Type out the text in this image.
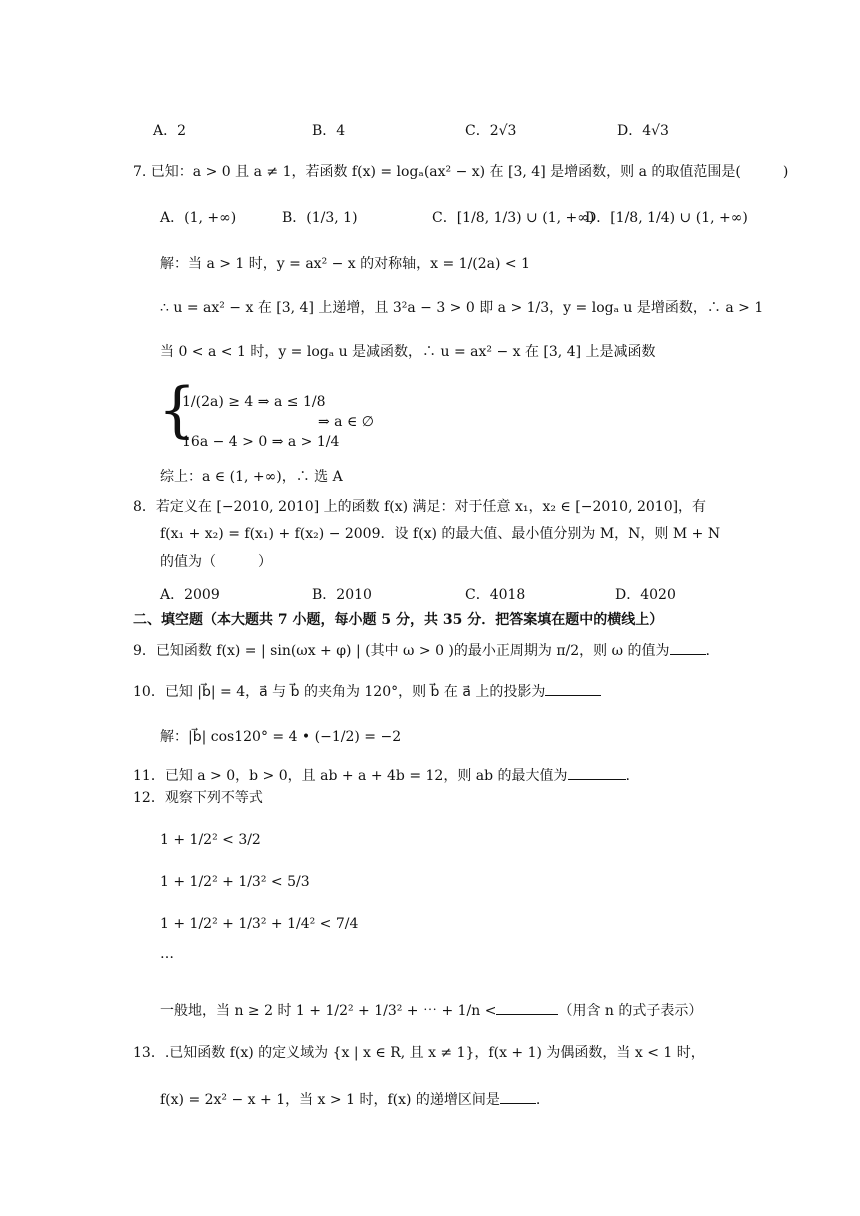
A．2	B．4	C．2√3	D．4√3
7. 已知：a > 0 且 a ≠ 1，若函数 f(x) = logₐ(ax² − x) 在 [3, 4] 是增函数，则 a 的取值范围是(　　　)
A．(1, +∞)	B．(1/3, 1)	C．[1/8, 1/3) ∪ (1, +∞)
D．[1/8, 1/4) ∪ (1, +∞)
解：当 a > 1 时，y = ax² − x 的对称轴，x = 1/(2a) < 1
∴ u = ax² − x 在 [3, 4] 上递增，且 3²a − 3 > 0 即 a > 1/3，y = logₐ u 是增函数，∴ a > 1
当 0 < a < 1 时，y = logₐ u 是减函数，∴ u = ax² − x 在 [3, 4] 上是减函数
{
1/(2a) ≥ 4 ⇒ a ≤ 1/8
16a − 4 > 0 ⇒ a > 1/4
⇒ a ∈ ∅
综上：a ∈ (1, +∞)，∴ 选 A
8．若定义在 [−2010, 2010] 上的函数 f(x) 满足：对于任意 x₁，x₂ ∈ [−2010, 2010]，有
f(x₁ + x₂) = f(x₁) + f(x₂) − 2009．设 f(x) 的最大值、最小值分别为 M，N，则 M + N
的值为（　　　）
A．2009	B．2010	C．4018	D．4020
二、填空题（本大题共 7 小题，每小题 5 分，共 35 分．把答案填在题中的横线上）
9．已知函数 f(x) = | sin(ωx + φ) | (其中 ω > 0 )的最小正周期为 π/2，则 ω 的值为	.
10．已知 |b⃗| = 4，a⃗ 与 b⃗ 的夹角为 120°，则 b⃗ 在 a⃗ 上的投影为
解：|b⃗| cos120° = 4 • (−1/2) = −2
11．已知 a > 0，b > 0，且 ab + a + 4b = 12，则 ab 的最大值为	.
12．观察下列不等式
1 + 1/2² < 3/2
1 + 1/2² + 1/3² < 5/3
1 + 1/2² + 1/3² + 1/4² < 7/4
…
一般地，当 n ≥ 2 时 1 + 1/2² + 1/3² + ⋯ + 1/n <	（用含 n 的式子表示）
13．.已知函数 f(x) 的定义域为 {x | x ∈ R, 且 x ≠ 1}，f(x + 1) 为偶函数，当 x < 1 时，
f(x) = 2x² − x + 1，当 x > 1 时，f(x) 的递增区间是	.
